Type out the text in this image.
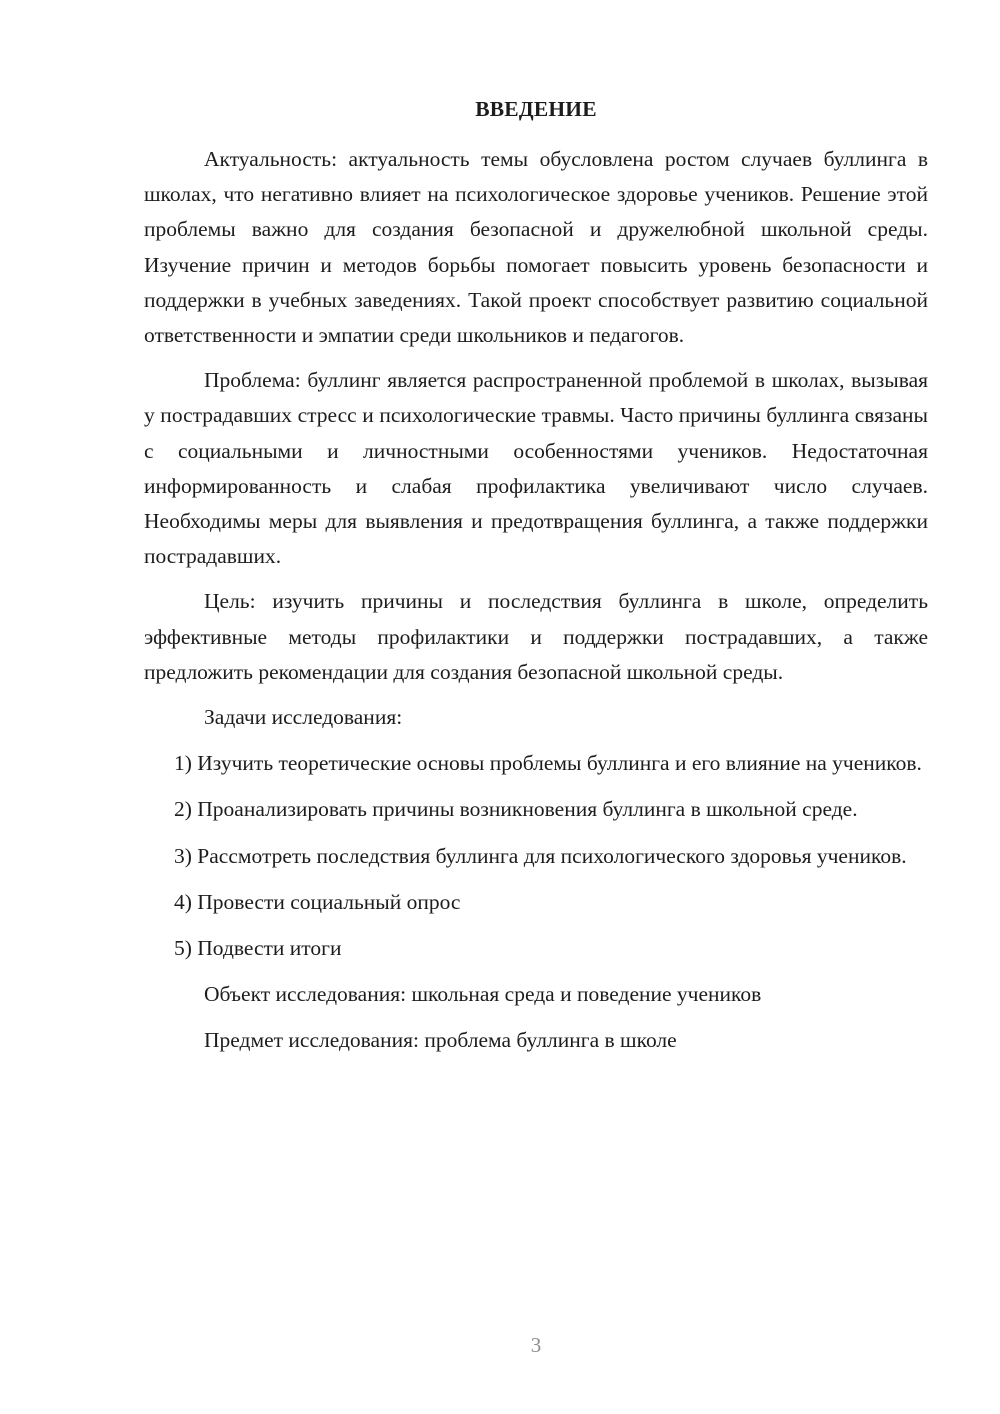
ВВЕДЕНИЕ

Актуальность: актуальность темы обусловлена ростом случаев буллинга в школах, что негативно влияет на психологическое здоровье учеников. Решение этой проблемы важно для создания безопасной и дружелюбной школьной среды. Изучение причин и методов борьбы помогает повысить уровень безопасности и поддержки в учебных заведениях. Такой проект способствует развитию социальной ответственности и эмпатии среди школьников и педагогов.

Проблема: буллинг является распространенной проблемой в школах, вызывая у пострадавших стресс и психологические травмы. Часто причины буллинга связаны с социальными и личностными особенностями учеников. Недостаточная информированность и слабая профилактика увеличивают число случаев. Необходимы меры для выявления и предотвращения буллинга, а также поддержки пострадавших.

Цель: изучить причины и последствия буллинга в школе, определить эффективные методы профилактики и поддержки пострадавших, а также предложить рекомендации для создания безопасной школьной среды.

Задачи исследования:

1) Изучить теоретические основы проблемы буллинга и его влияние на учеников.

2) Проанализировать причины возникновения буллинга в школьной среде.

3) Рассмотреть последствия буллинга для психологического здоровья учеников.

4) Провести социальный опрос

5) Подвести итоги

Объект исследования: школьная среда и поведение учеников

Предмет исследования: проблема буллинга в школе

3
